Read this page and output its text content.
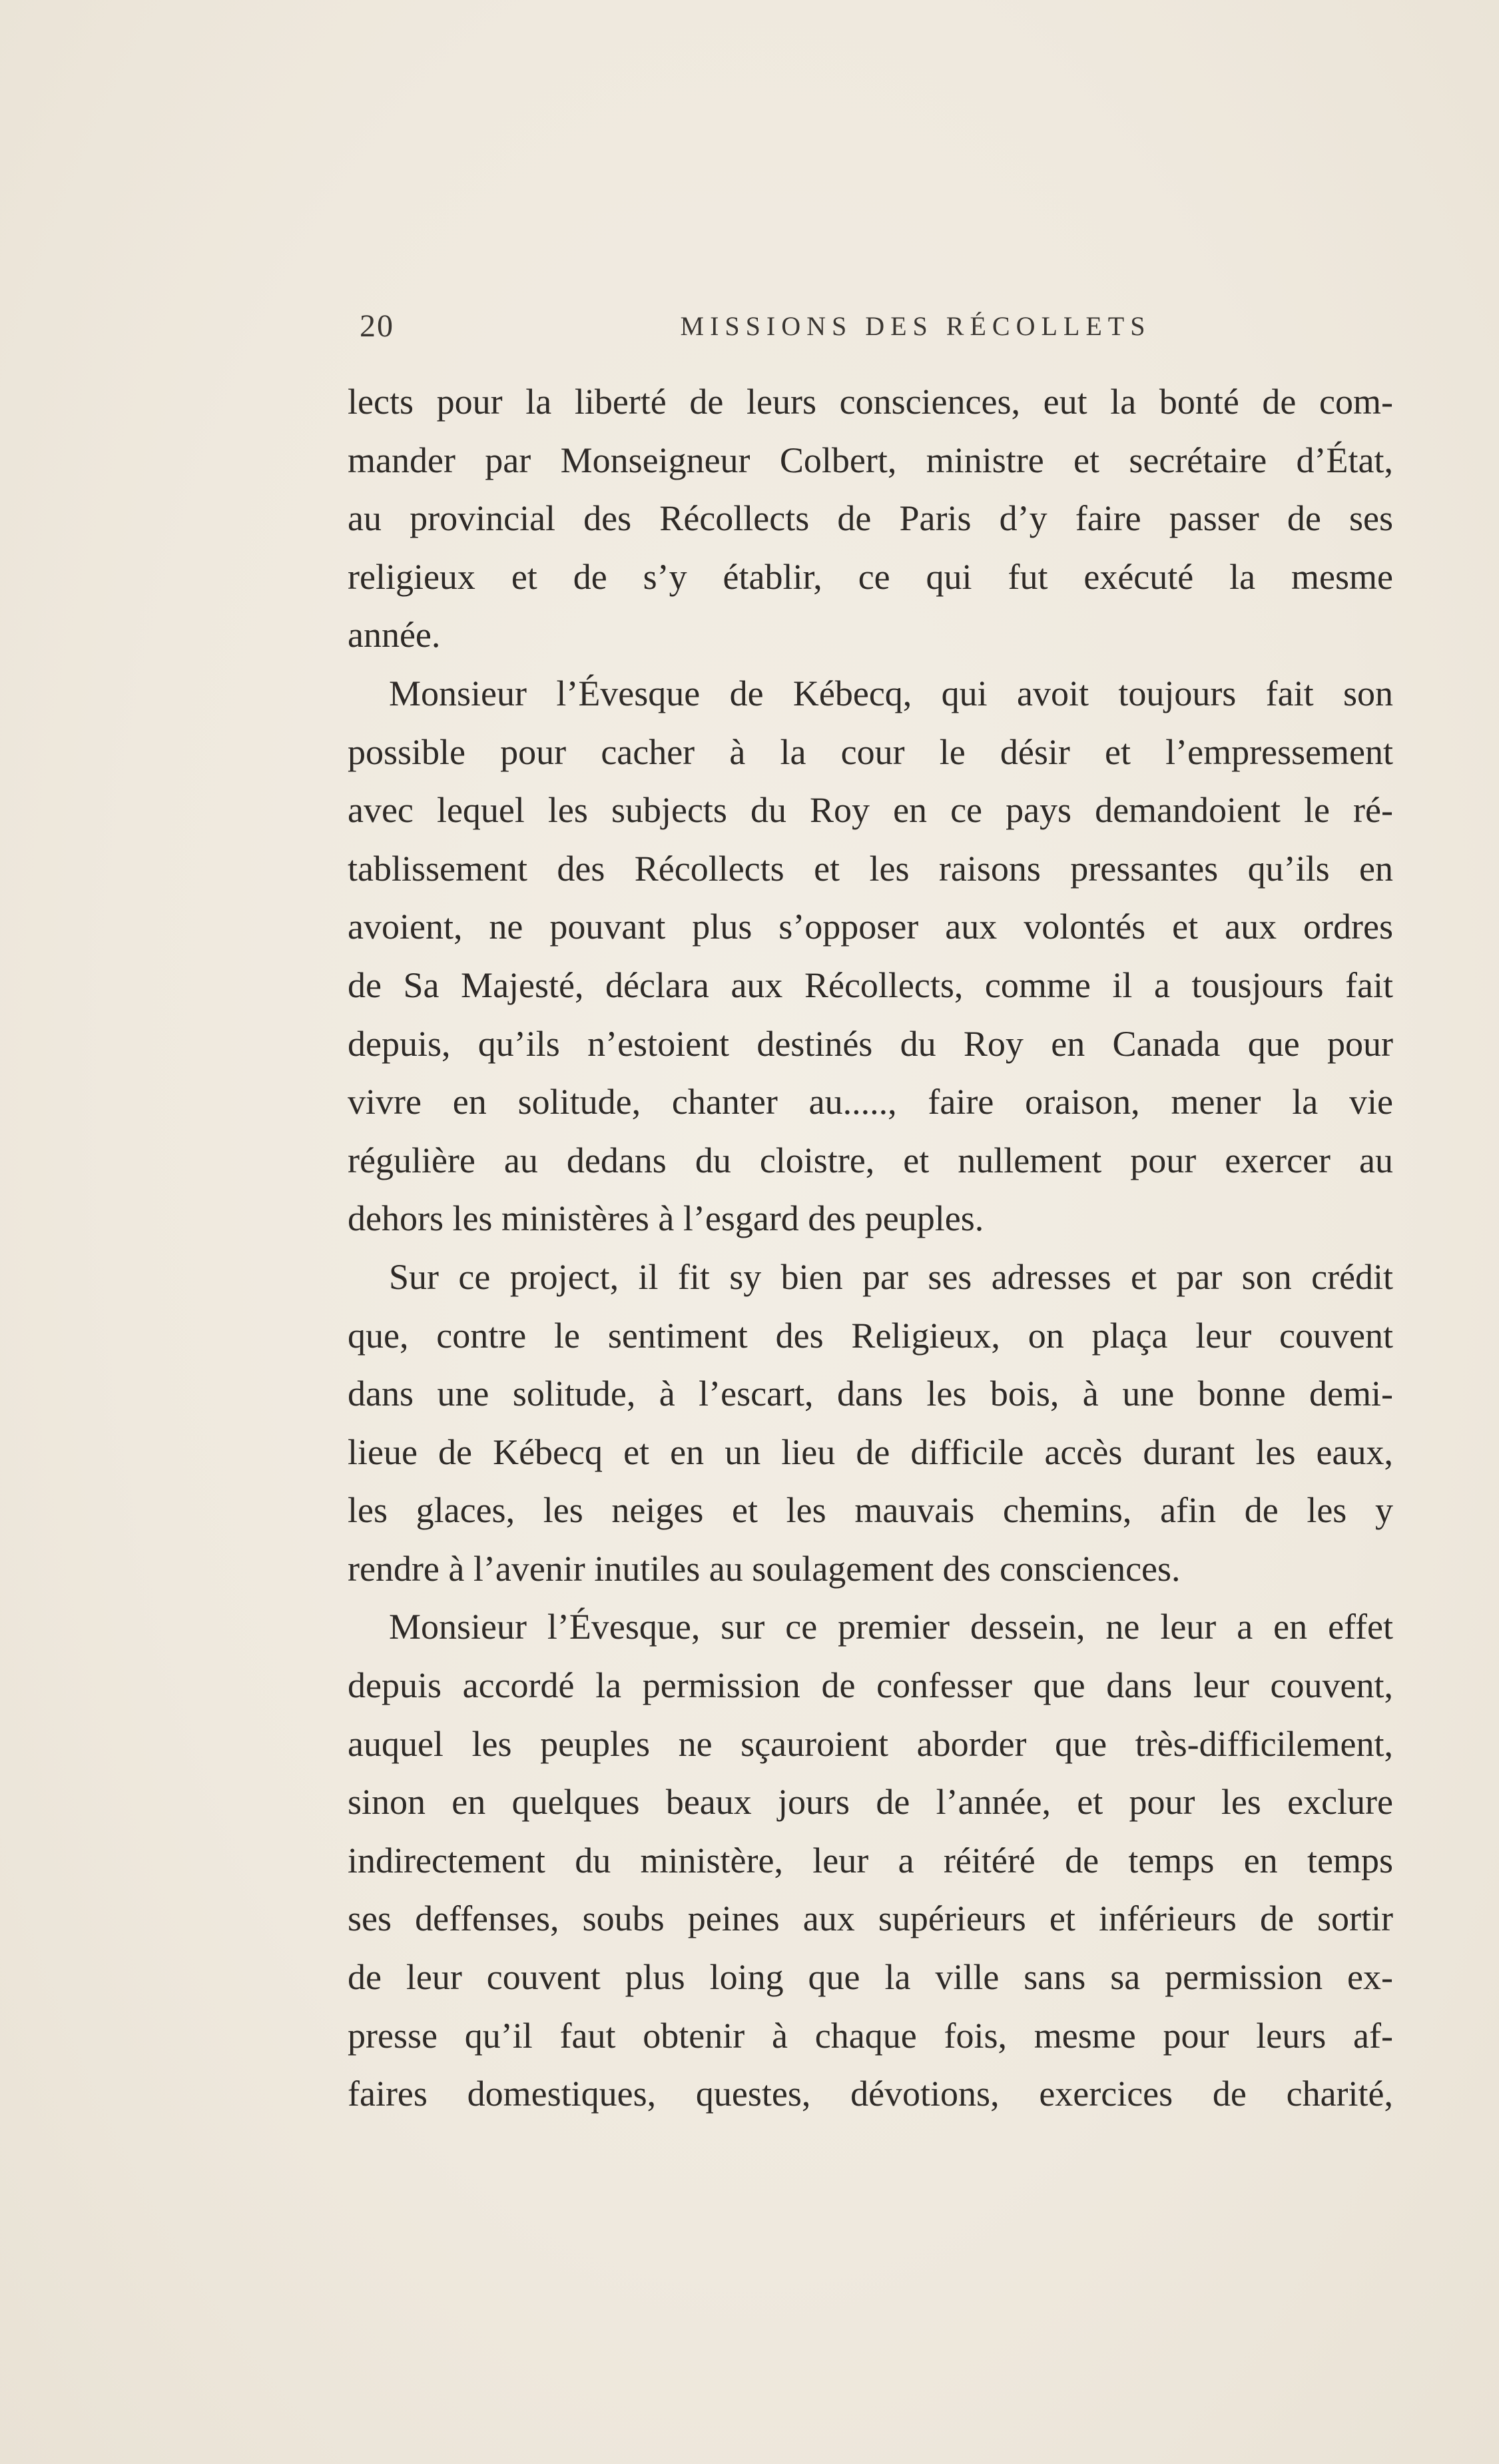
20	MISSIONS DES RÉCOLLETS
lects pour la liberté de leurs consciences, eut la bonté de com-
mander par Monseigneur Colbert, ministre et secrétaire d’État,
au provincial des Récollects de Paris d’y faire passer de ses
religieux et de s’y établir, ce qui fut exécuté la mesme
année.
Monsieur l’Évesque de Kébecq, qui avoit toujours fait son
possible pour cacher à la cour le désir et l’empressement
avec lequel les subjects du Roy en ce pays demandoient le ré-
tablissement des Récollects et les raisons pressantes qu’ils en
avoient, ne pouvant plus s’opposer aux volontés et aux ordres
de Sa Majesté, déclara aux Récollects, comme il a tousjours fait
depuis, qu’ils n’estoient destinés du Roy en Canada que pour
vivre en solitude, chanter au....., faire oraison, mener la vie
régulière au dedans du cloistre, et nullement pour exercer au
dehors les ministères à l’esgard des peuples.
Sur ce project, il fit sy bien par ses adresses et par son crédit
que, contre le sentiment des Religieux, on plaça leur couvent
dans une solitude, à l’escart, dans les bois, à une bonne demi-
lieue de Kébecq et en un lieu de difficile accès durant les eaux,
les glaces, les neiges et les mauvais chemins, afin de les y
rendre à l’avenir inutiles au soulagement des consciences.
Monsieur l’Évesque, sur ce premier dessein, ne leur a en effet
depuis accordé la permission de confesser que dans leur couvent,
auquel les peuples ne sçauroient aborder que très-difficilement,
sinon en quelques beaux jours de l’année, et pour les exclure
indirectement du ministère, leur a réitéré de temps en temps
ses deffenses, soubs peines aux supérieurs et inférieurs de sortir
de leur couvent plus loing que la ville sans sa permission ex-
presse qu’il faut obtenir à chaque fois, mesme pour leurs af-
faires domestiques, questes, dévotions, exercices de charité,
